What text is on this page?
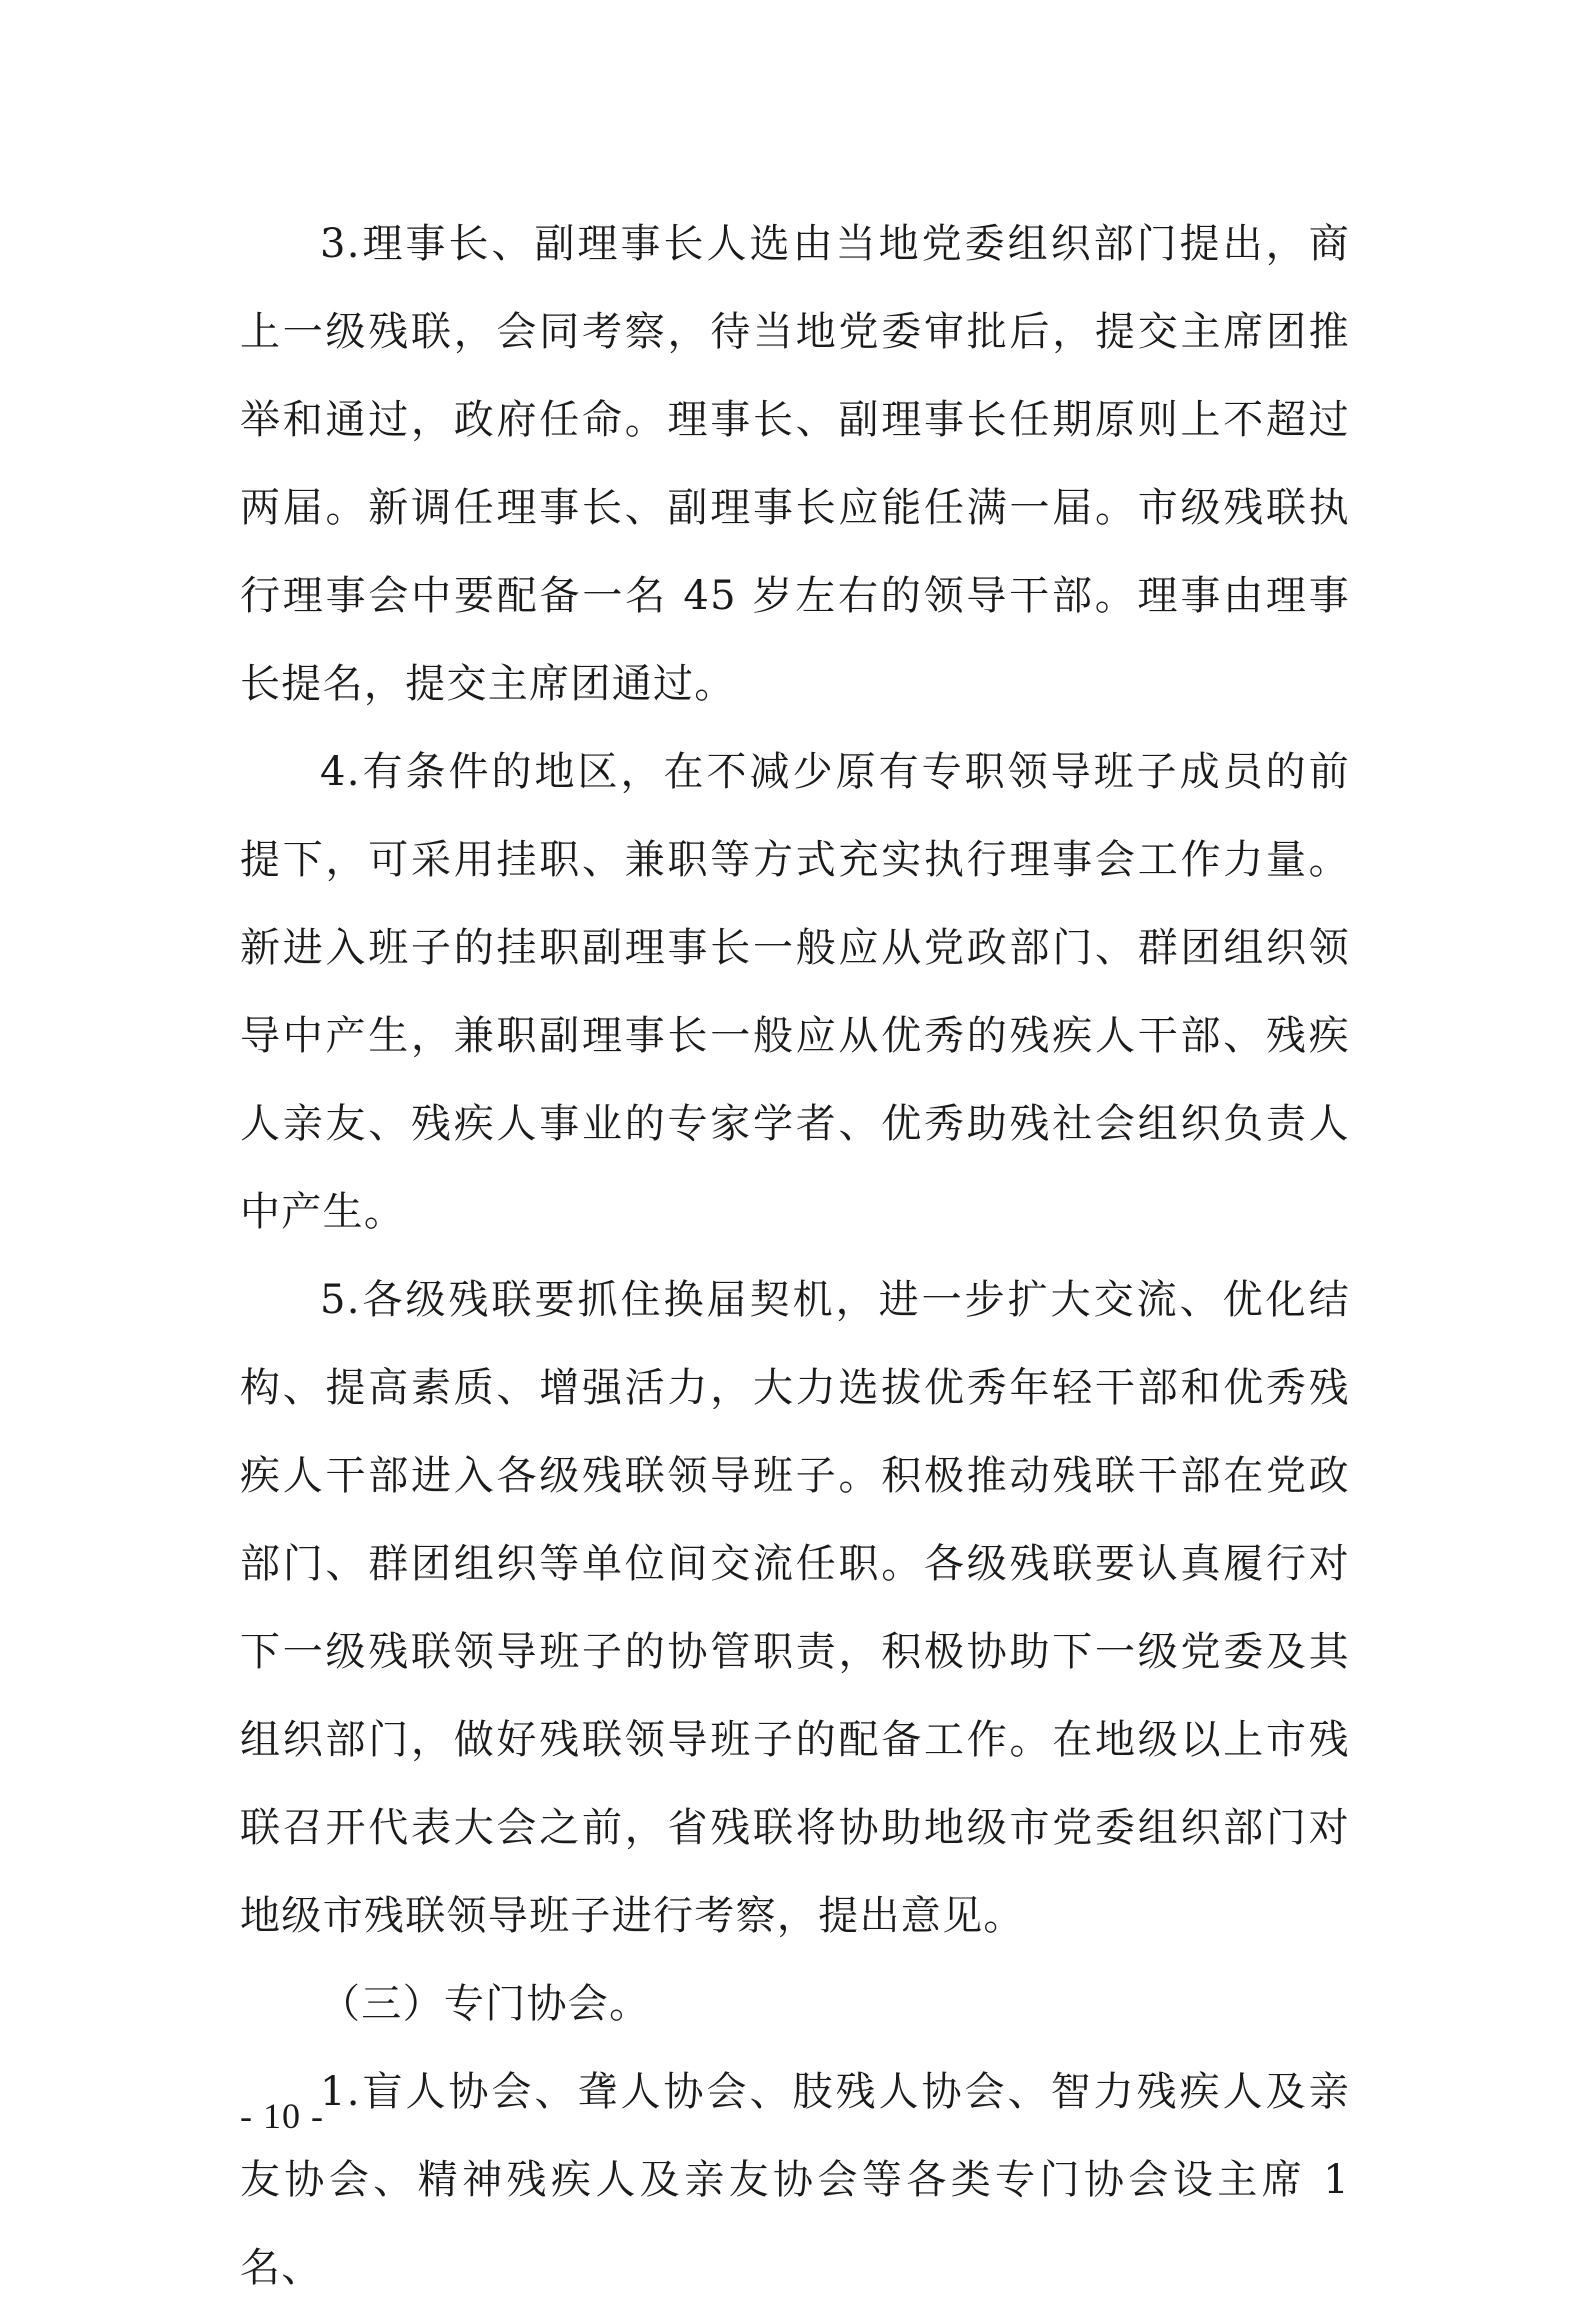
3.理事长、副理事长人选由当地党委组织部门提出，商上一级残联，会同考察，待当地党委审批后，提交主席团推举和通过，政府任命。理事长、副理事长任期原则上不超过两届。新调任理事长、副理事长应能任满一届。市级残联执行理事会中要配备一名 45 岁左右的领导干部。理事由理事长提名，提交主席团通过。

4.有条件的地区，在不减少原有专职领导班子成员的前提下，可采用挂职、兼职等方式充实执行理事会工作力量。新进入班子的挂职副理事长一般应从党政部门、群团组织领导中产生，兼职副理事长一般应从优秀的残疾人干部、残疾人亲友、残疾人事业的专家学者、优秀助残社会组织负责人中产生。

5.各级残联要抓住换届契机，进一步扩大交流、优化结构、提高素质、增强活力，大力选拔优秀年轻干部和优秀残疾人干部进入各级残联领导班子。积极推动残联干部在党政部门、群团组织等单位间交流任职。各级残联要认真履行对下一级残联领导班子的协管职责，积极协助下一级党委及其组织部门，做好残联领导班子的配备工作。在地级以上市残联召开代表大会之前，省残联将协助地级市党委组织部门对地级市残联领导班子进行考察，提出意见。

（三）专门协会。

1.盲人协会、聋人协会、肢残人协会、智力残疾人及亲友协会、精神残疾人及亲友协会等各类专门协会设主席 1 名、

- 10 -
